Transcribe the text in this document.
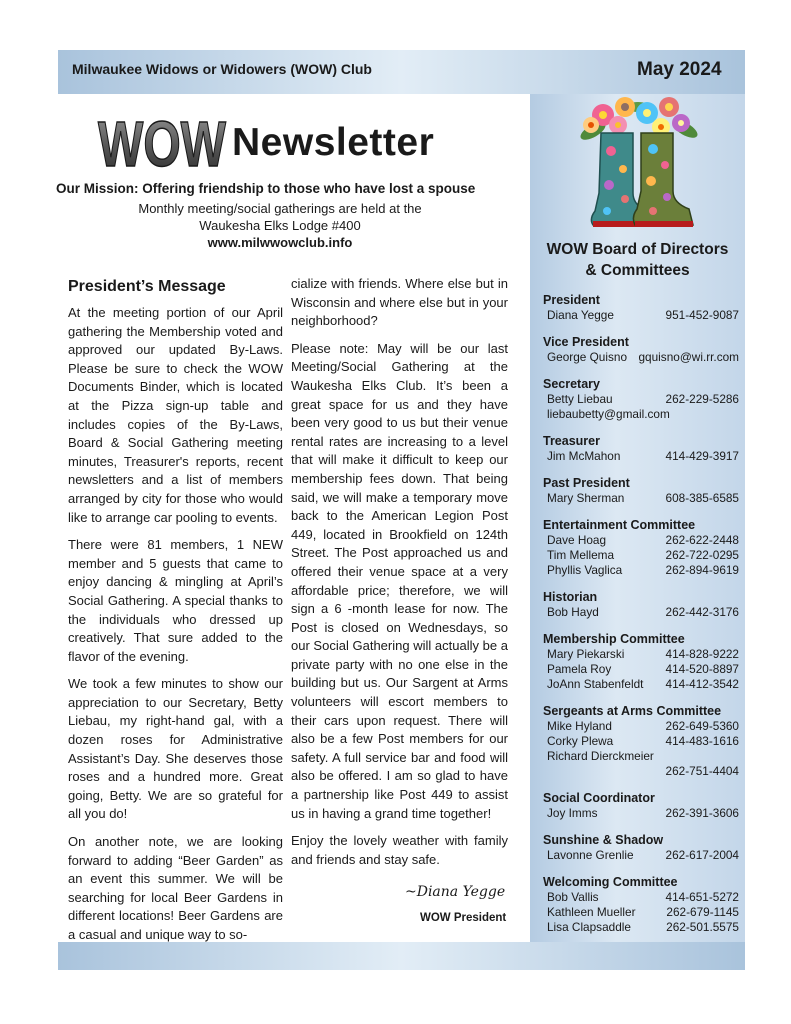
Milwaukee Widows or Widowers (WOW) Club	May 2024
WOW Newsletter
Our Mission: Offering friendship to those who have lost a spouse
Monthly meeting/social gatherings are held at the
Waukesha Elks Lodge #400
www.milwwowclub.info
President’s Message

At the meeting portion of our April gathering the Membership voted and approved our updated By-Laws. Please be sure to check the WOW Documents Binder, which is located at the Pizza sign-up table and includes copies of the By-Laws, Board & Social Gathering meeting minutes, Treasurer's reports, recent newsletters and a list of members arranged by city for those who would like to arrange car pooling to events.

There were 81 members, 1 NEW member and 5 guests that came to enjoy dancing & mingling at April’s Social Gathering. A special thanks to the individuals who dressed up creatively. That sure added to the flavor of the evening.

We took a few minutes to show our appreciation to our Secretary, Betty Liebau, my right-hand gal, with a dozen roses for Administrative Assistant’s Day. She deserves those roses and a hundred more. Great going, Betty. We are so grateful for all you do!

On another note, we are looking forward to adding “Beer Garden” as an event this summer. We will be searching for local Beer Gardens in different locations! Beer Gardens are a casual and unique way to so-

cialize with friends. Where else but in Wisconsin and where else but in your neighborhood?

Please note: May will be our last Meeting/Social Gathering at the Waukesha Elks Club. It’s been a great space for us and they have been very good to us but their venue rental rates are increasing to a level that will make it difficult to keep our membership fees down. That being said, we will make a temporary move back to the American Legion Post 449, located in Brookfield on 124th Street. The Post approached us and offered their venue space at a very affordable price; therefore, we will sign a 6 -month lease for now. The Post is closed on Wednesdays, so our Social Gathering will actually be a private party with no one else in the building but us. Our Sargent at Arms volunteers will escort members to their cars upon request. There will also be a few Post members for our safety. A full service bar and food will also be offered. I am so glad to have a partnership like Post 449 to assist us in having a grand time together!

Enjoy the lovely weather with family and friends and stay safe.

~Diana Yegge
WOW President
WOW Board of Directors
& Committees
President
Diana Yegge	951-452-9087
Vice President
George Quisno gquisno@wi.rr.com
Secretary
Betty Liebau	262-229-5286
liebaubetty@gmail.com
Treasurer
Jim McMahon	414-429-3917
Past President
Mary Sherman	608-385-6585
Entertainment Committee
Dave Hoag	262-622-2448
Tim Mellema	262-722-0295
Phyllis Vaglica	262-894-9619
Historian
Bob Hayd	262-442-3176
Membership Committee
Mary Piekarski	414-828-9222
Pamela Roy	414-520-8897
JoAnn Stabenfeldt 414-412-3542
Sergeants at Arms Committee
Mike Hyland	262-649-5360
Corky Plewa	414-483-1616
Richard Dierckmeier
262-751-4404
Social Coordinator
Joy Imms	262-391-3606
Sunshine & Shadow
Lavonne Grenlie	262-617-2004
Welcoming Committee
Bob Vallis	414-651-5272
Kathleen Mueller	262-679-1145
Lisa Clapsaddle	262-501.5575
